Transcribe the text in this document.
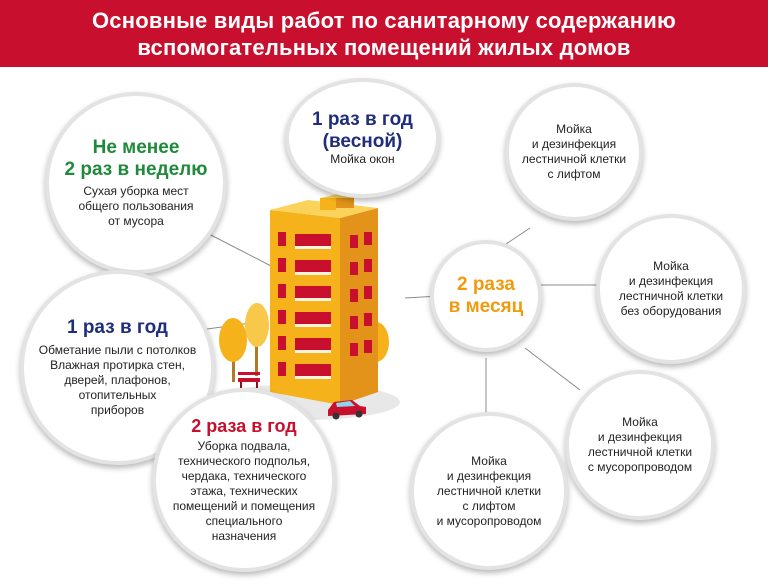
Основные виды работ по санитарному содержанию
вспомогательных помещений жилых домов
Не менее
2 раз в неделю
Сухая уборка мест
общего пользования
от мусора
1 раз в год
(весной)
Мойка окон
1 раз в год
Обметание пыли с потолков
Влажная протирка стен,
дверей, плафонов,
отопительных
приборов
2 раза в год
Уборка подвала,
технического подполья,
чердака, технического
этажа, технических
помещений и помещения
специального
назначения
2 раза
в месяц
Мойка
и дезинфекция
лестничной клетки
с лифтом
Мойка
и дезинфекция
лестничной клетки
без оборудования
Мойка
и дезинфекция
лестничной клетки
с мусоропроводом
Мойка
и дезинфекция
лестничной клетки
с лифтом
и мусоропроводом
